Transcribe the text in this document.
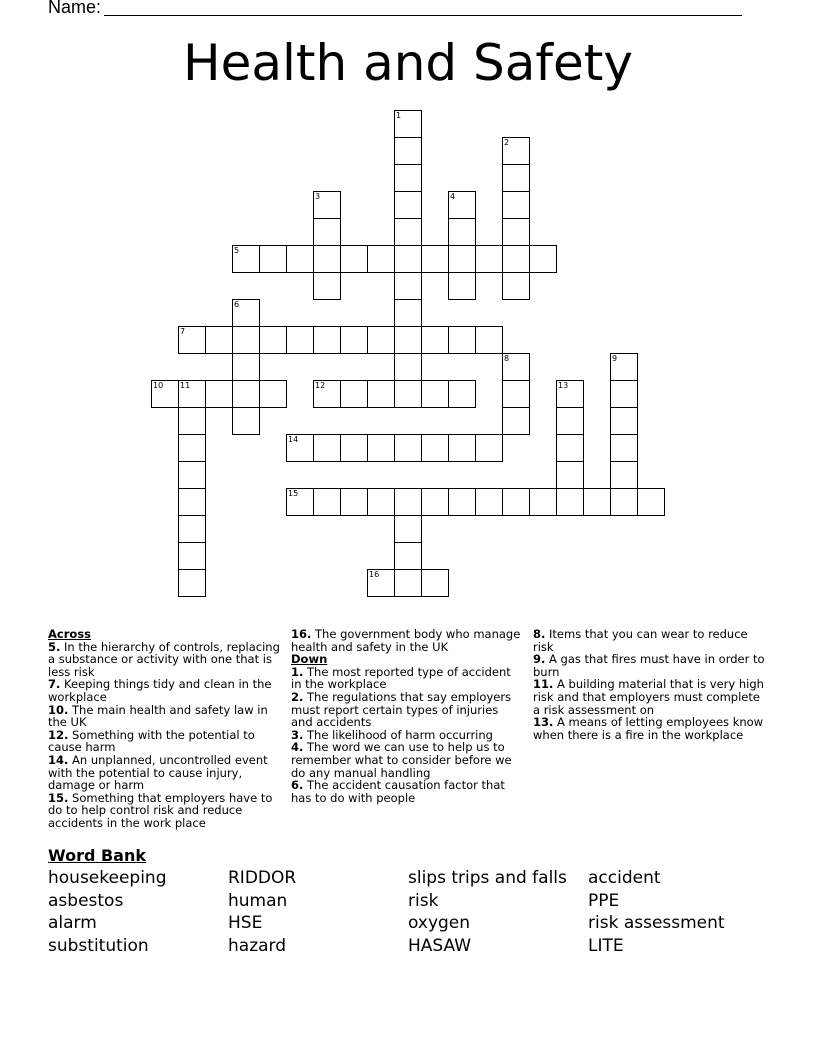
Name:
Health and Safety
1
2
3	4
5
6
7
8	9
10 11	12	13
14
15
16

Across

5. In the hierarchy of controls, replacing a substance or activity with one that is less risk

7. Keeping things tidy and clean in the workplace

10. The main health and safety law in the UK

12. Something with the potential to cause harm

14. An unplanned, uncontrolled event with the potential to cause injury, damage or harm

15. Something that employers have to do to help control risk and reduce accidents in the work place

16. The government body who manage health and safety in the UK

Down

1. The most reported type of accident in the workplace

2. The regulations that say employers must report certain types of injuries and accidents

3. The likelihood of harm occurring

4. The word we can use to help us to remember what to consider before we do any manual handling

6. The accident causation factor that has to do with people

8. Items that you can wear to reduce risk

9. A gas that fires must have in order to burn

11. A building material that is very high risk and that employers must complete a risk assessment on

13. A means of letting employees know when there is a fire in the workplace

Word Bank
housekeeping
asbestos
alarm
substitution
RIDDOR
human
HSE
hazard
slips trips and falls
risk
oxygen
HASAW
accident
PPE
risk assessment
LITE
